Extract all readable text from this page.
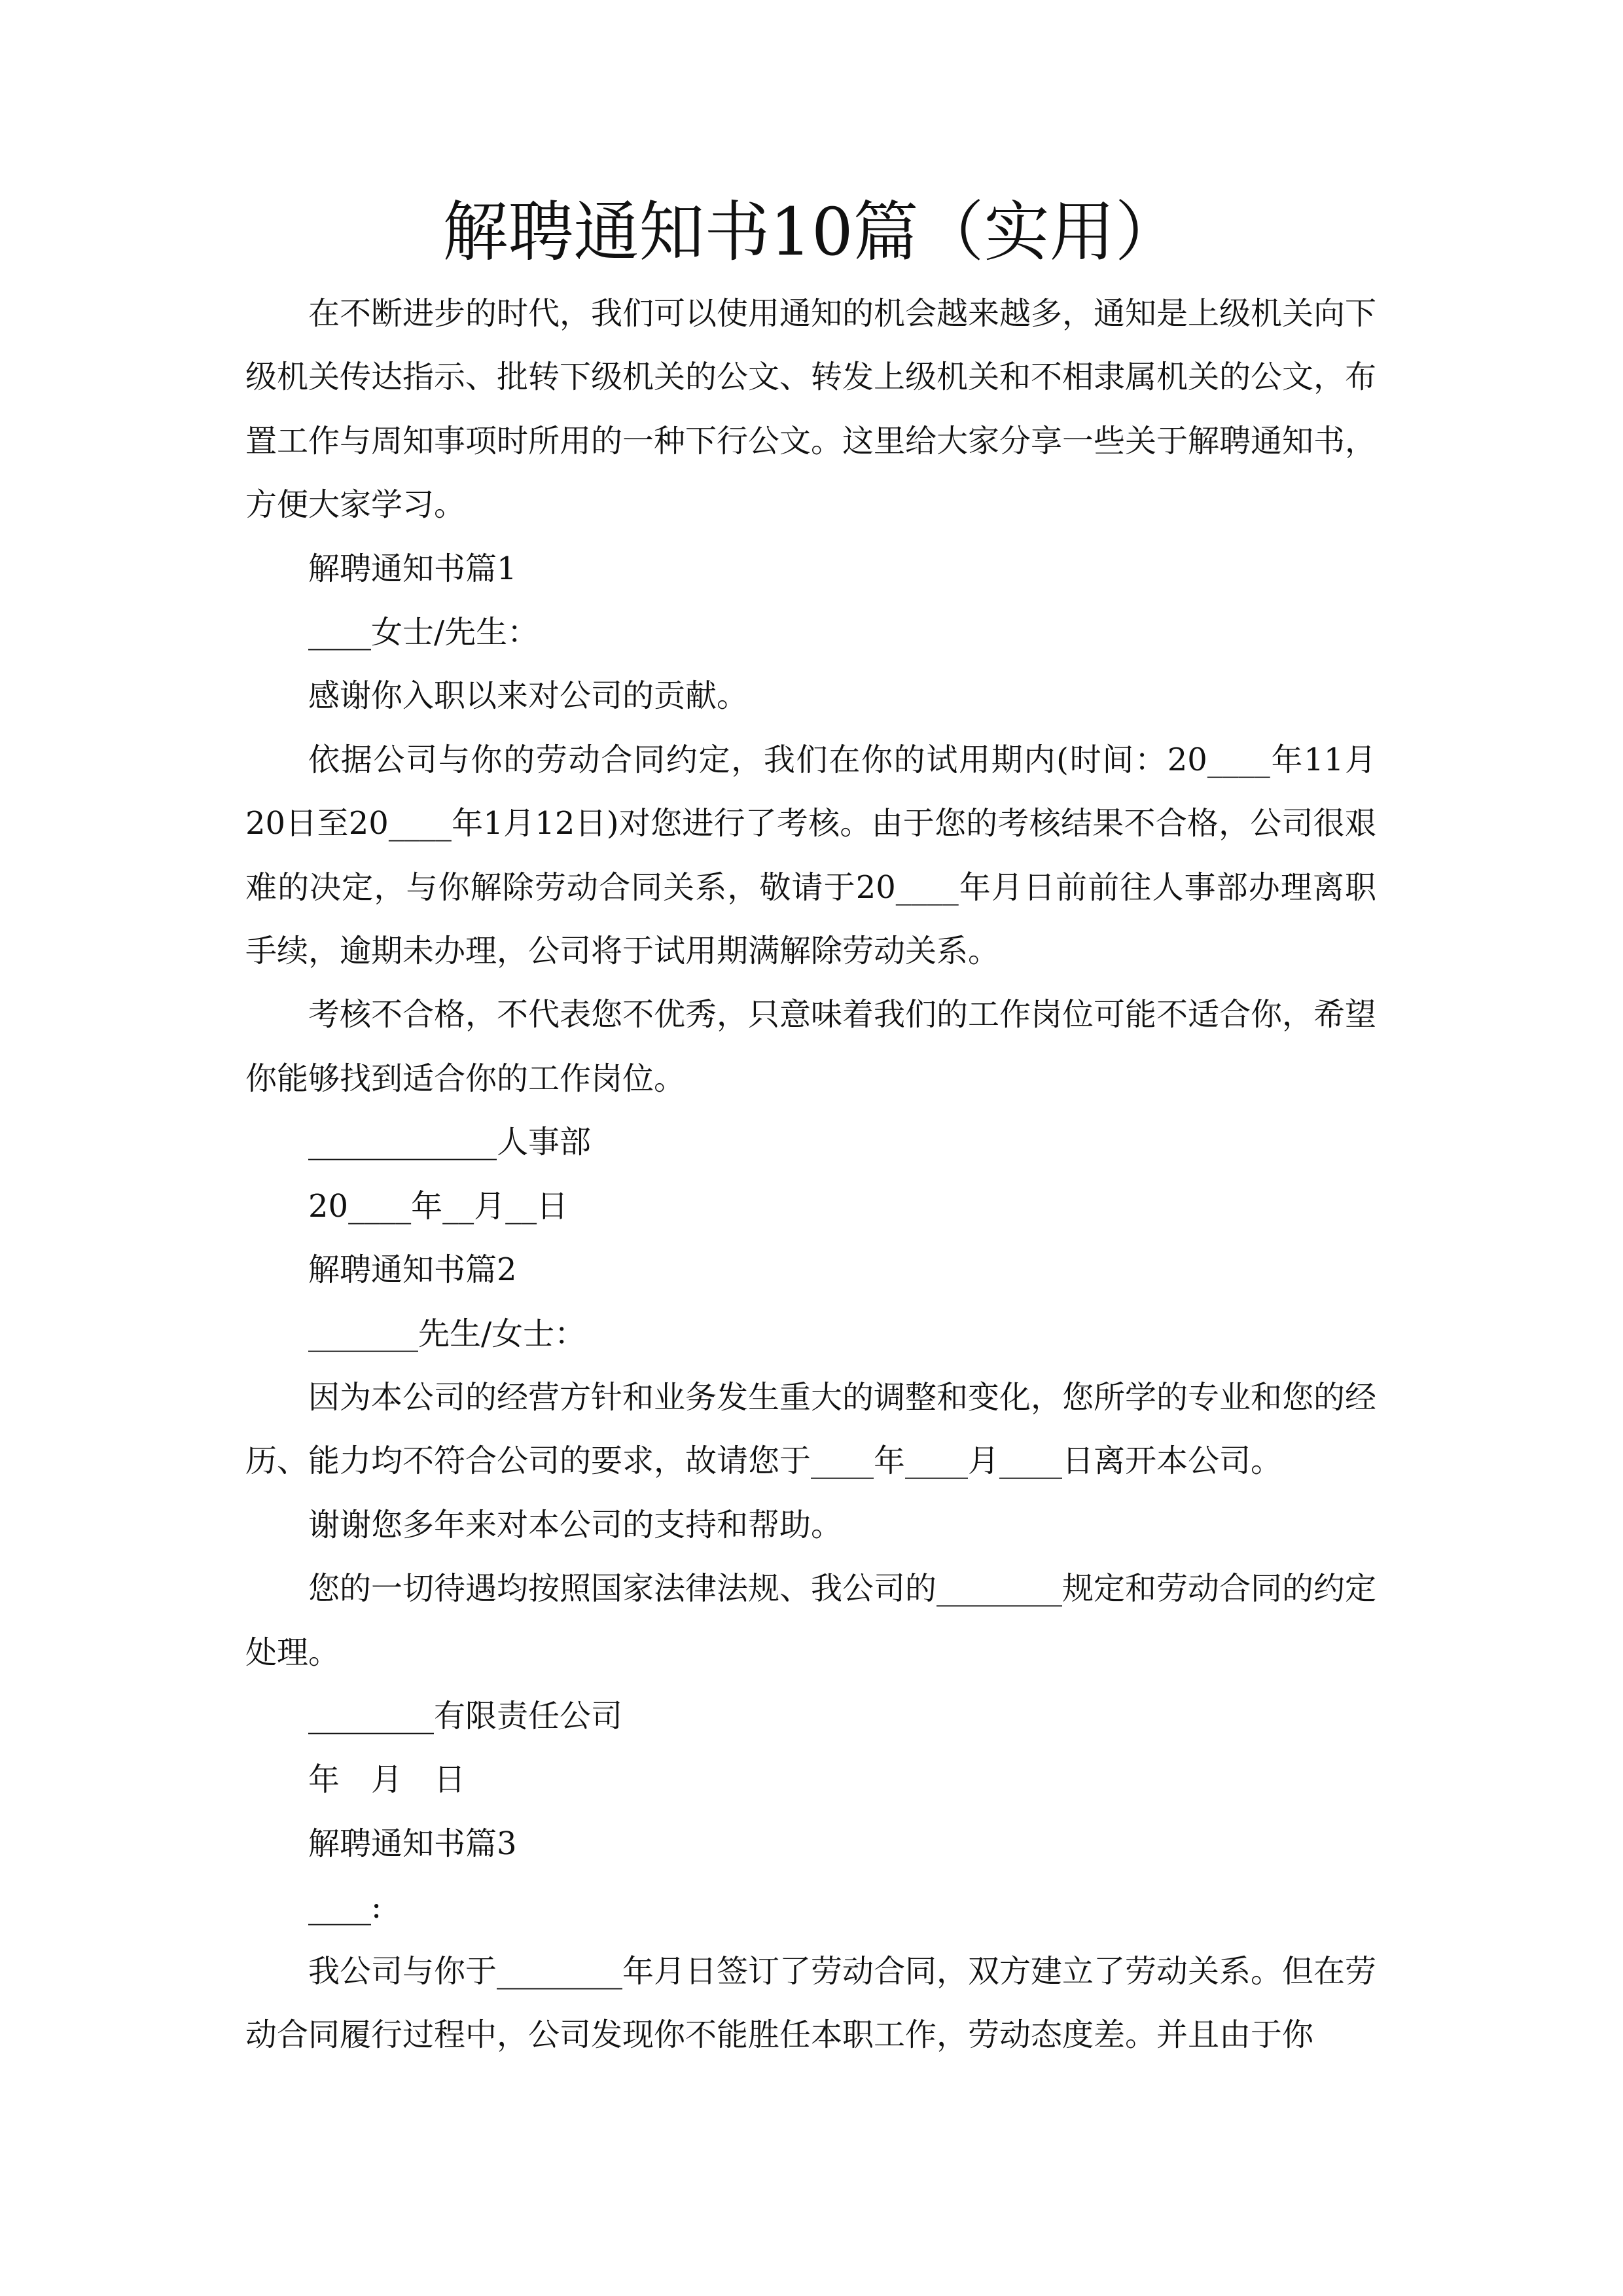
解聘通知书10篇（实用）

在不断进步的时代，我们可以使用通知的机会越来越多，通知是上级机关向下级机关传达指示、批转下级机关的公文、转发上级机关和不相隶属机关的公文，布置工作与周知事项时所用的一种下行公文。这里给大家分享一些关于解聘通知书，方便大家学习。

解聘通知书篇1

____女士/先生：

感谢你入职以来对公司的贡献。

依据公司与你的劳动合同约定，我们在你的试用期内(时间：20____年11月20日至20____年1月12日)对您进行了考核。由于您的考核结果不合格，公司很艰难的决定，与你解除劳动合同关系，敬请于20____年月日前前往人事部办理离职手续，逾期未办理，公司将于试用期满解除劳动关系。

考核不合格，不代表您不优秀，只意味着我们的工作岗位可能不适合你，希望你能够找到适合你的工作岗位。

____________人事部

20____年__月__日

解聘通知书篇2

_______先生/女士：

因为本公司的经营方针和业务发生重大的调整和变化，您所学的专业和您的经历、能力均不符合公司的要求，故请您于____年____月____日离开本公司。

谢谢您多年来对本公司的支持和帮助。

您的一切待遇均按照国家法律法规、我公司的________规定和劳动合同的约定处理。

________有限责任公司

年　月　日

解聘通知书篇3

____:

我公司与你于________年月日签订了劳动合同，双方建立了劳动关系。但在劳动合同履行过程中，公司发现你不能胜任本职工作，劳动态度差。并且由于你
